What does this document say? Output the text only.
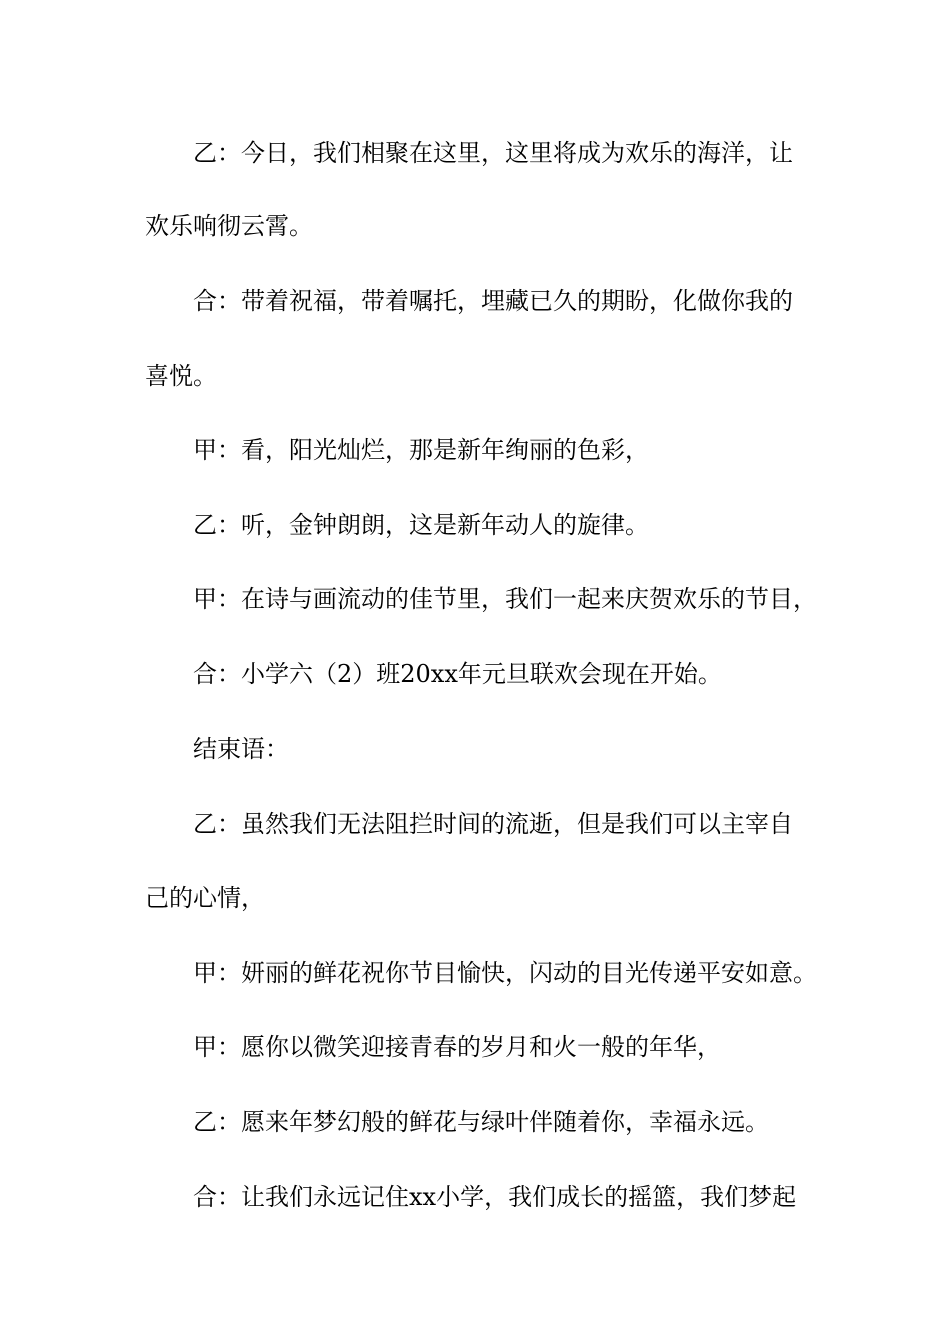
乙：今日，我们相聚在这里，这里将成为欢乐的海洋，让
欢乐响彻云霄。
合：带着祝福，带着嘱托，埋藏已久的期盼，化做你我的
喜悦。
甲：看，阳光灿烂，那是新年绚丽的色彩，
乙：听，金钟朗朗，这是新年动人的旋律。
甲：在诗与画流动的佳节里，我们一起来庆贺欢乐的节目，
合：小学六（2）班20xx年元旦联欢会现在开始。
结束语：
乙：虽然我们无法阻拦时间的流逝，但是我们可以主宰自
己的心情，
甲：妍丽的鲜花祝你节目愉快，闪动的目光传递平安如意。
甲：愿你以微笑迎接青春的岁月和火一般的年华，
乙：愿来年梦幻般的鲜花与绿叶伴随着你，幸福永远。
合：让我们永远记住xx小学，我们成长的摇篮，我们梦起
